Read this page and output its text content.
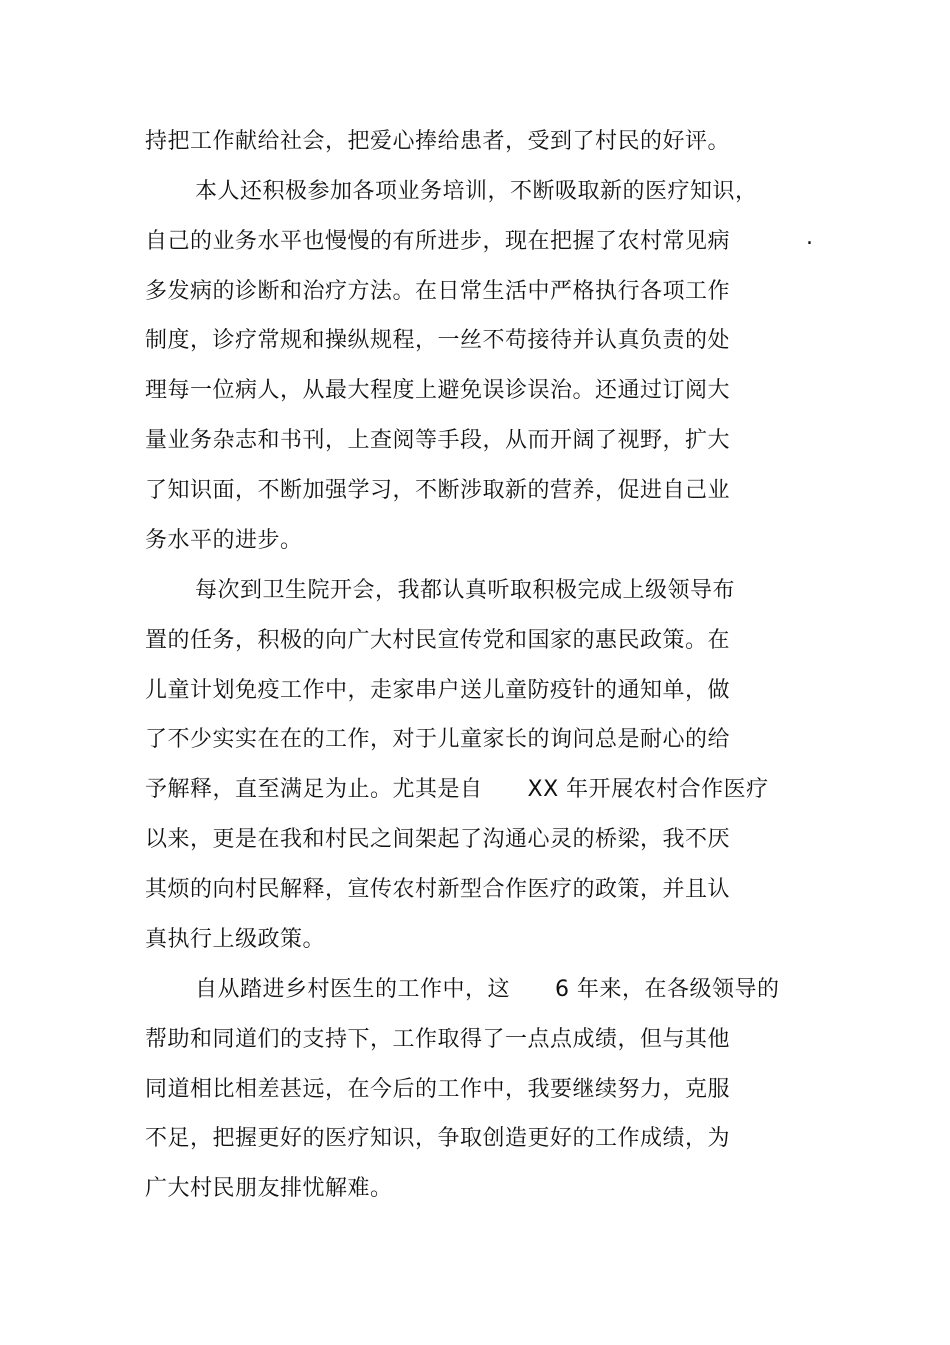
持把工作献给社会，把爱心捧给患者，受到了村民的好评。
本人还积极参加各项业务培训，不断吸取新的医疗知识，
自己的业务水平也慢慢的有所进步，现在把握了农村常见病
多发病的诊断和治疗方法。在日常生活中严格执行各项工作
制度，诊疗常规和操纵规程，一丝不苟接待并认真负责的处
理每一位病人，从最大程度上避免误诊误治。还通过订阅大
量业务杂志和书刊，上查阅等手段，从而开阔了视野，扩大
了知识面，不断加强学习，不断涉取新的营养，促进自己业
务水平的进步。
每次到卫生院开会，我都认真听取积极完成上级领导布
置的任务，积极的向广大村民宣传党和国家的惠民政策。在
儿童计划免疫工作中，走家串户送儿童防疫针的通知单，做
了不少实实在在的工作，对于儿童家长的询问总是耐心的给
予解释，直至满足为止。尤其是自　　XX 年开展农村合作医疗
以来，更是在我和村民之间架起了沟通心灵的桥梁，我不厌
其烦的向村民解释，宣传农村新型合作医疗的政策，并且认
真执行上级政策。
自从踏进乡村医生的工作中，这　　6 年来，在各级领导的
帮助和同道们的支持下，工作取得了一点点成绩，但与其他
同道相比相差甚远，在今后的工作中，我要继续努力，克服
不足，把握更好的医疗知识，争取创造更好的工作成绩，为
广大村民朋友排忧解难。
.
